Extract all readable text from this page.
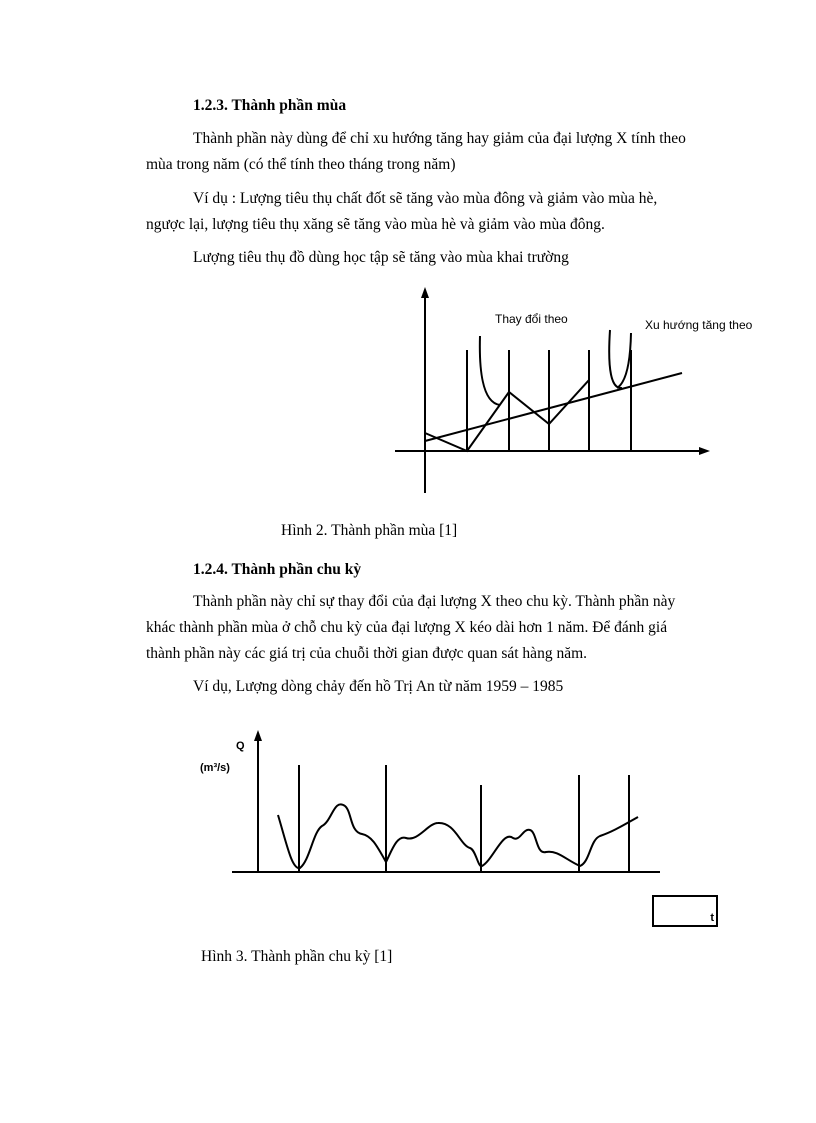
1.2.3. Thành phần mùa
Thành phần này dùng để chỉ xu hướng tăng hay giảm của đại lượng X tính theo
mùa trong năm (có thể tính theo tháng trong năm)
Ví dụ : Lượng tiêu thụ chất đốt sẽ tăng vào mùa đông và giảm vào mùa hè,
ngược lại, lượng tiêu thụ xăng sẽ tăng vào mùa hè và giảm vào mùa đông.
Lượng tiêu thụ đồ dùng học tập sẽ tăng vào mùa khai trường
Thay đổi theo	Xu hướng tăng theo
Hình 2. Thành phần mùa [1]
1.2.4. Thành phần chu kỳ
Thành phần này chỉ sự thay đổi của đại lượng X theo chu kỳ. Thành phần này
khác thành phần mùa ở chỗ chu kỳ của đại lượng X kéo dài hơn 1 năm. Để đánh giá
thành phần này các giá trị của chuỗi thời gian được quan sát hàng năm.
Ví dụ, Lượng dòng chảy đến hồ Trị An từ năm 1959 – 1985
Q
(m³/s)
t
Hình 3. Thành phần chu kỳ [1]
